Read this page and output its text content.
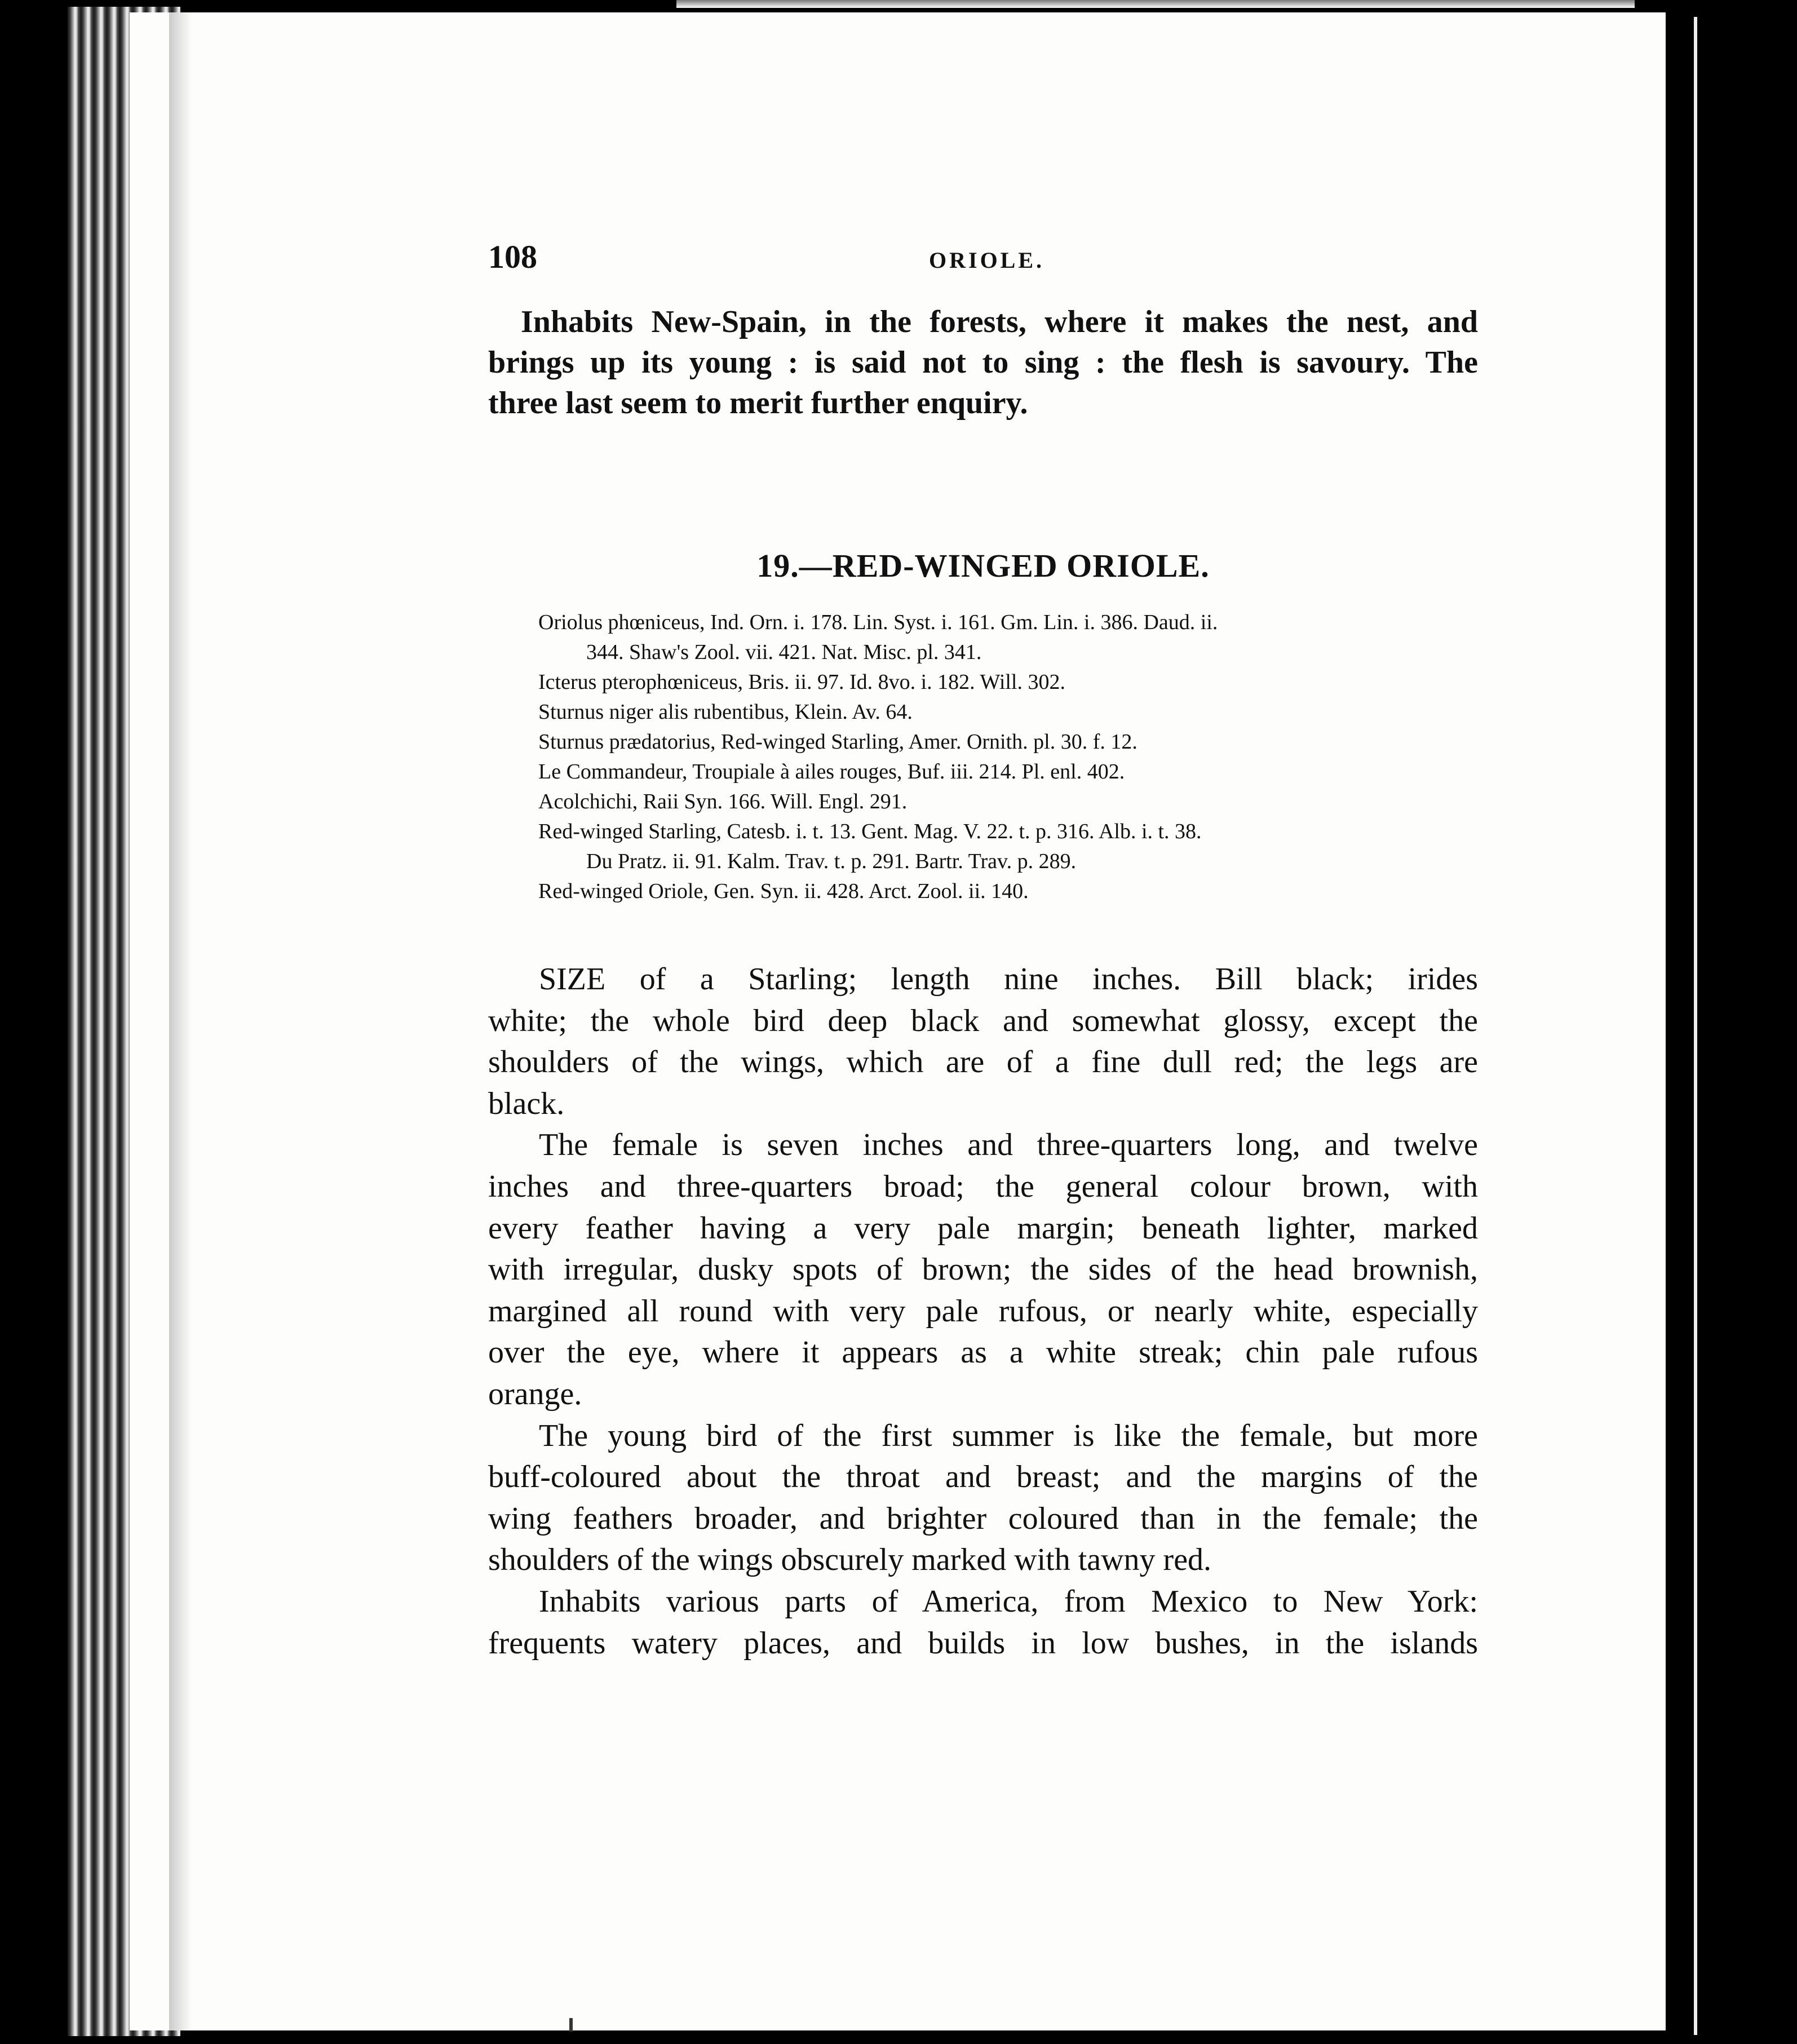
108	ORIOLE.
Inhabits New-Spain, in the forests, where it makes the nest, and
brings up its young : is said not to sing : the flesh is savoury. The
three last seem to merit further enquiry.
19.—RED-WINGED ORIOLE.
Oriolus phœniceus, Ind. Orn. i. 178. Lin. Syst. i. 161. Gm. Lin. i. 386. Daud. ii.
344. Shaw's Zool. vii. 421. Nat. Misc. pl. 341.
Icterus pterophœniceus, Bris. ii. 97. Id. 8vo. i. 182. Will. 302.
Sturnus niger alis rubentibus, Klein. Av. 64.
Sturnus prædatorius, Red-winged Starling, Amer. Ornith. pl. 30. f. 12.
Le Commandeur, Troupiale à ailes rouges, Buf. iii. 214. Pl. enl. 402.
Acolchichi, Raii Syn. 166. Will. Engl. 291.
Red-winged Starling, Catesb. i. t. 13. Gent. Mag. V. 22. t. p. 316. Alb. i. t. 38.
Du Pratz. ii. 91. Kalm. Trav. t. p. 291. Bartr. Trav. p. 289.
Red-winged Oriole, Gen. Syn. ii. 428. Arct. Zool. ii. 140.
SIZE of a Starling; length nine inches. Bill black; irides
white; the whole bird deep black and somewhat glossy, except the
shoulders of the wings, which are of a fine dull red; the legs are
black.
The female is seven inches and three-quarters long, and twelve
inches and three-quarters broad; the general colour brown, with
every feather having a very pale margin; beneath lighter, marked
with irregular, dusky spots of brown; the sides of the head brownish,
margined all round with very pale rufous, or nearly white, especially
over the eye, where it appears as a white streak; chin pale rufous
orange.
The young bird of the first summer is like the female, but more
buff-coloured about the throat and breast; and the margins of the
wing feathers broader, and brighter coloured than in the female; the
shoulders of the wings obscurely marked with tawny red.
Inhabits various parts of America, from Mexico to New York:
frequents watery places, and builds in low bushes, in the islands
